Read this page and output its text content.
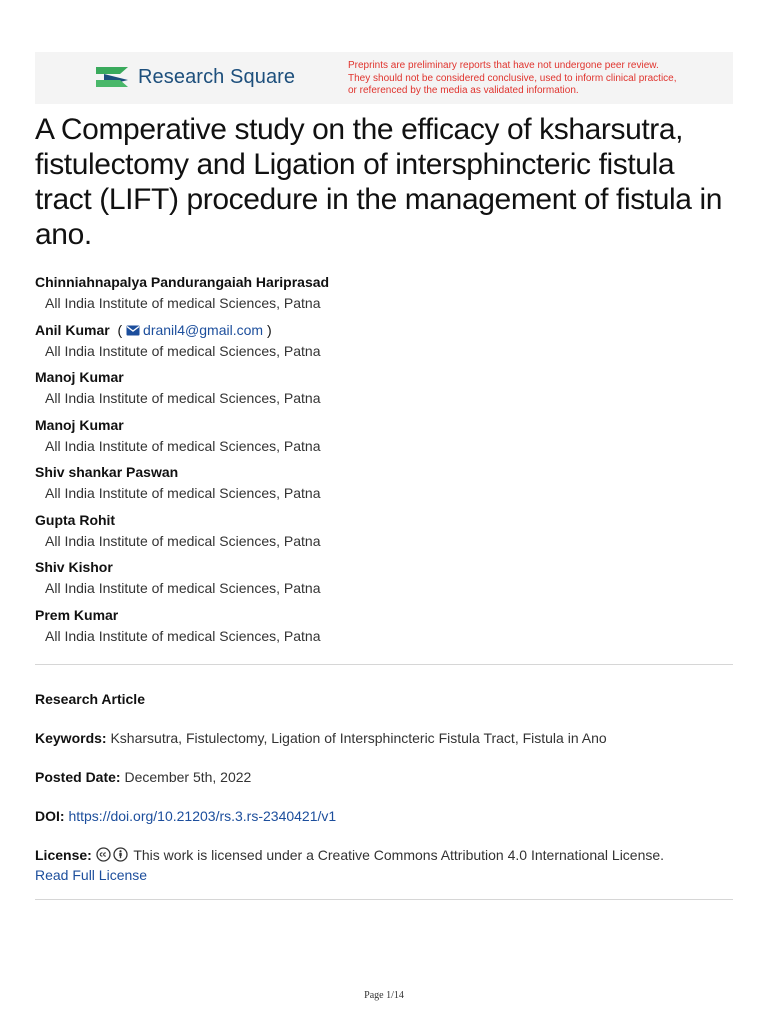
Research Square	Preprints are preliminary reports that have not undergone peer review.
They should not be considered conclusive, used to inform clinical practice,
or referenced by the media as validated information.
A Comperative study on the efficacy of ksharsutra, fistulectomy and Ligation of intersphincteric fistula tract (LIFT) procedure in the management of fistula in ano.
Chinniahnapalya Pandurangaiah Hariprasad
All India Institute of medical Sciences, Patna
Anil Kumar  ( dranil4@gmail.com )
All India Institute of medical Sciences, Patna
Manoj Kumar
All India Institute of medical Sciences, Patna
Manoj Kumar
All India Institute of medical Sciences, Patna
Shiv shankar Paswan
All India Institute of medical Sciences, Patna
Gupta Rohit
All India Institute of medical Sciences, Patna
Shiv Kishor
All India Institute of medical Sciences, Patna
Prem Kumar
All India Institute of medical Sciences, Patna
Research Article
Keywords: Ksharsutra, Fistulectomy, Ligation of Intersphincteric Fistula Tract, Fistula in Ano
Posted Date: December 5th, 2022
DOI: https://doi.org/10.21203/rs.3.rs-2340421/v1
License:	This work is licensed under a Creative Commons Attribution 4.0 International License.
Read Full License
Page 1/14
